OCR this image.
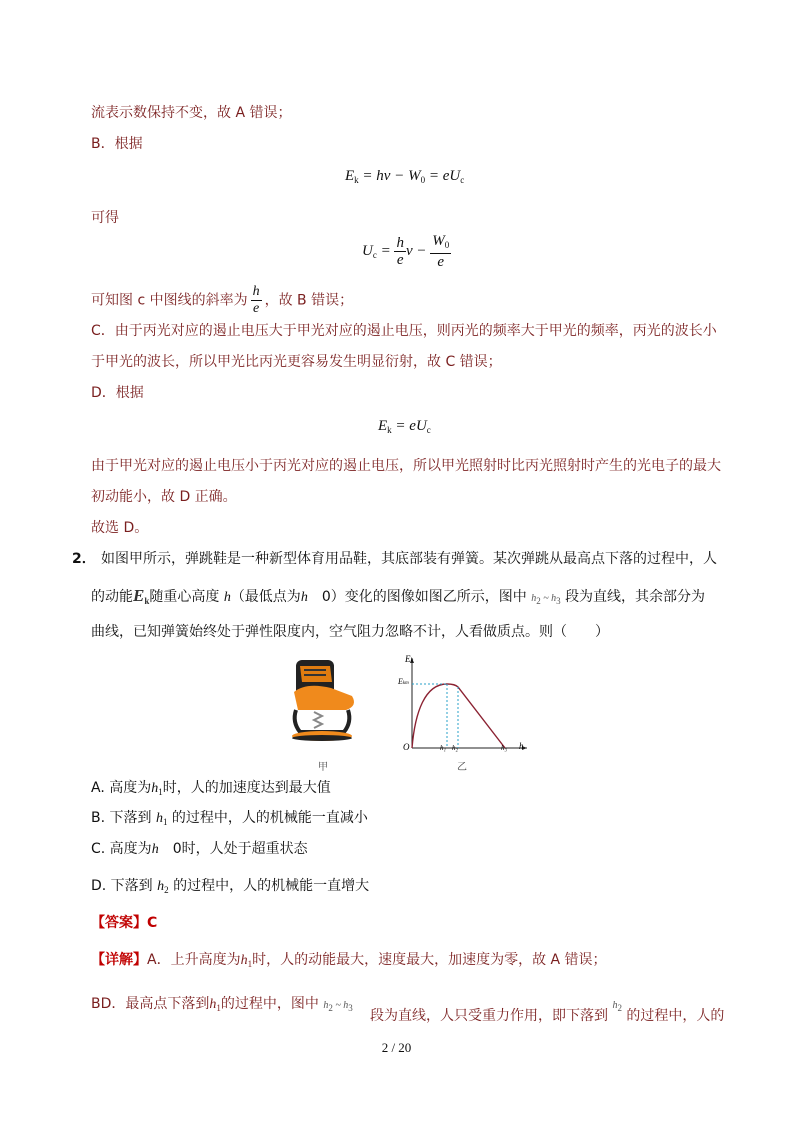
流表示数保持不变，故 A 错误；
B．根据
$E_k = h\nu - W_0 = eU_c$
可得
$U_c = \frac{h}{e}$ $\nu - \frac{W_0}{e}$
可知图 c 中图线的斜率为 $\frac{h}{e}$ ，故 B 错误；
C．由于丙光对应的遏止电压大于甲光对应的遏止电压，则丙光的频率大于甲光的频率，丙光的波长小
于甲光的波长，所以甲光比丙光更容易发生明显衍射，故 C 错误；
D．根据
$E_k = eU_c$
由于甲光对应的遏止电压小于丙光对应的遏止电压，所以甲光照射时比丙光照射时产生的光电子的最大
初动能小，故 D 正确。
故选 D。
2． 如图甲所示，弹跳鞋是一种新型体育用品鞋，其底部装有弹簧。某次弹跳从最高点下落的过程中，人
的动能$E_k$随重心高度 h（最低点为h　 0）变化的图像如图乙所示，图中 h2 ~ h3 段为直线，其余部分为
曲线，已知弹簧始终处于弹性限度内，空气阻力忽略不计，人看做质点。则（　　）
甲
Ek
Ekm
O	h₁ h₂	h₃ h
乙
A. 高度为$h_1$时，人的加速度达到最大值
B. 下落到 $h_1$ 的过程中，人的机械能一直减小
C. 高度为h　 0时，人处于超重状态
D. 下落到 $h_2$ 的过程中，人的机械能一直增大
【答案】C
【详解】A．上升高度为$h_1$时，人的动能最大，速度最大，加速度为零，故 A 错误；
BD．最高点下落到$h_1$的过程中，图中 h2 ~ h3 段为直线，人只受重力作用，即下落到 $^{h2}$ 的过程中，人的
2 / 20
